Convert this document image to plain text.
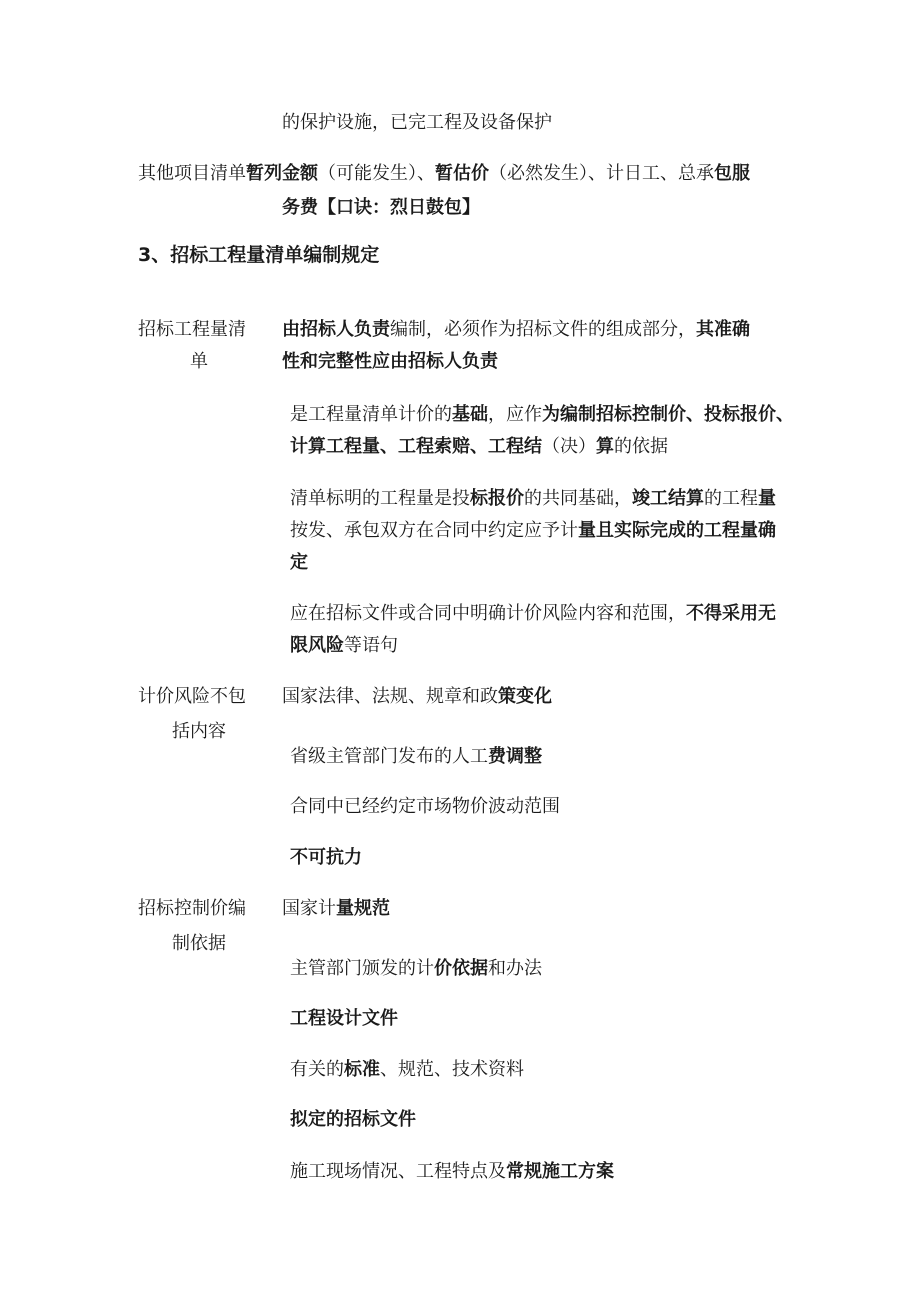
的保护设施，已完工程及设备保护
其他项目清单暂列金额（可能发生）、暂估价（必然发生）、计日工、总承包服
务费【口诀：烈日鼓包】
3、招标工程量清单编制规定
招标工程量清 由招标人负责编制，必须作为招标文件的组成部分，其准确
单	性和完整性应由招标人负责
是工程量清单计价的基础，应作为编制招标控制价、投标报价、
计算工程量、工程索赔、工程结（决）算的依据
清单标明的工程量是投标报价的共同基础，竣工结算的工程量
按发、承包双方在合同中约定应予计量且实际完成的工程量确
定
应在招标文件或合同中明确计价风险内容和范围，不得采用无
限风险等语句
计价风险不包 国家法律、法规、规章和政策变化
括内容
省级主管部门发布的人工费调整
合同中已经约定市场物价波动范围
不可抗力
招标控制价编 国家计量规范
制依据
主管部门颁发的计价依据和办法
工程设计文件
有关的标准、规范、技术资料
拟定的招标文件
施工现场情况、工程特点及常规施工方案
